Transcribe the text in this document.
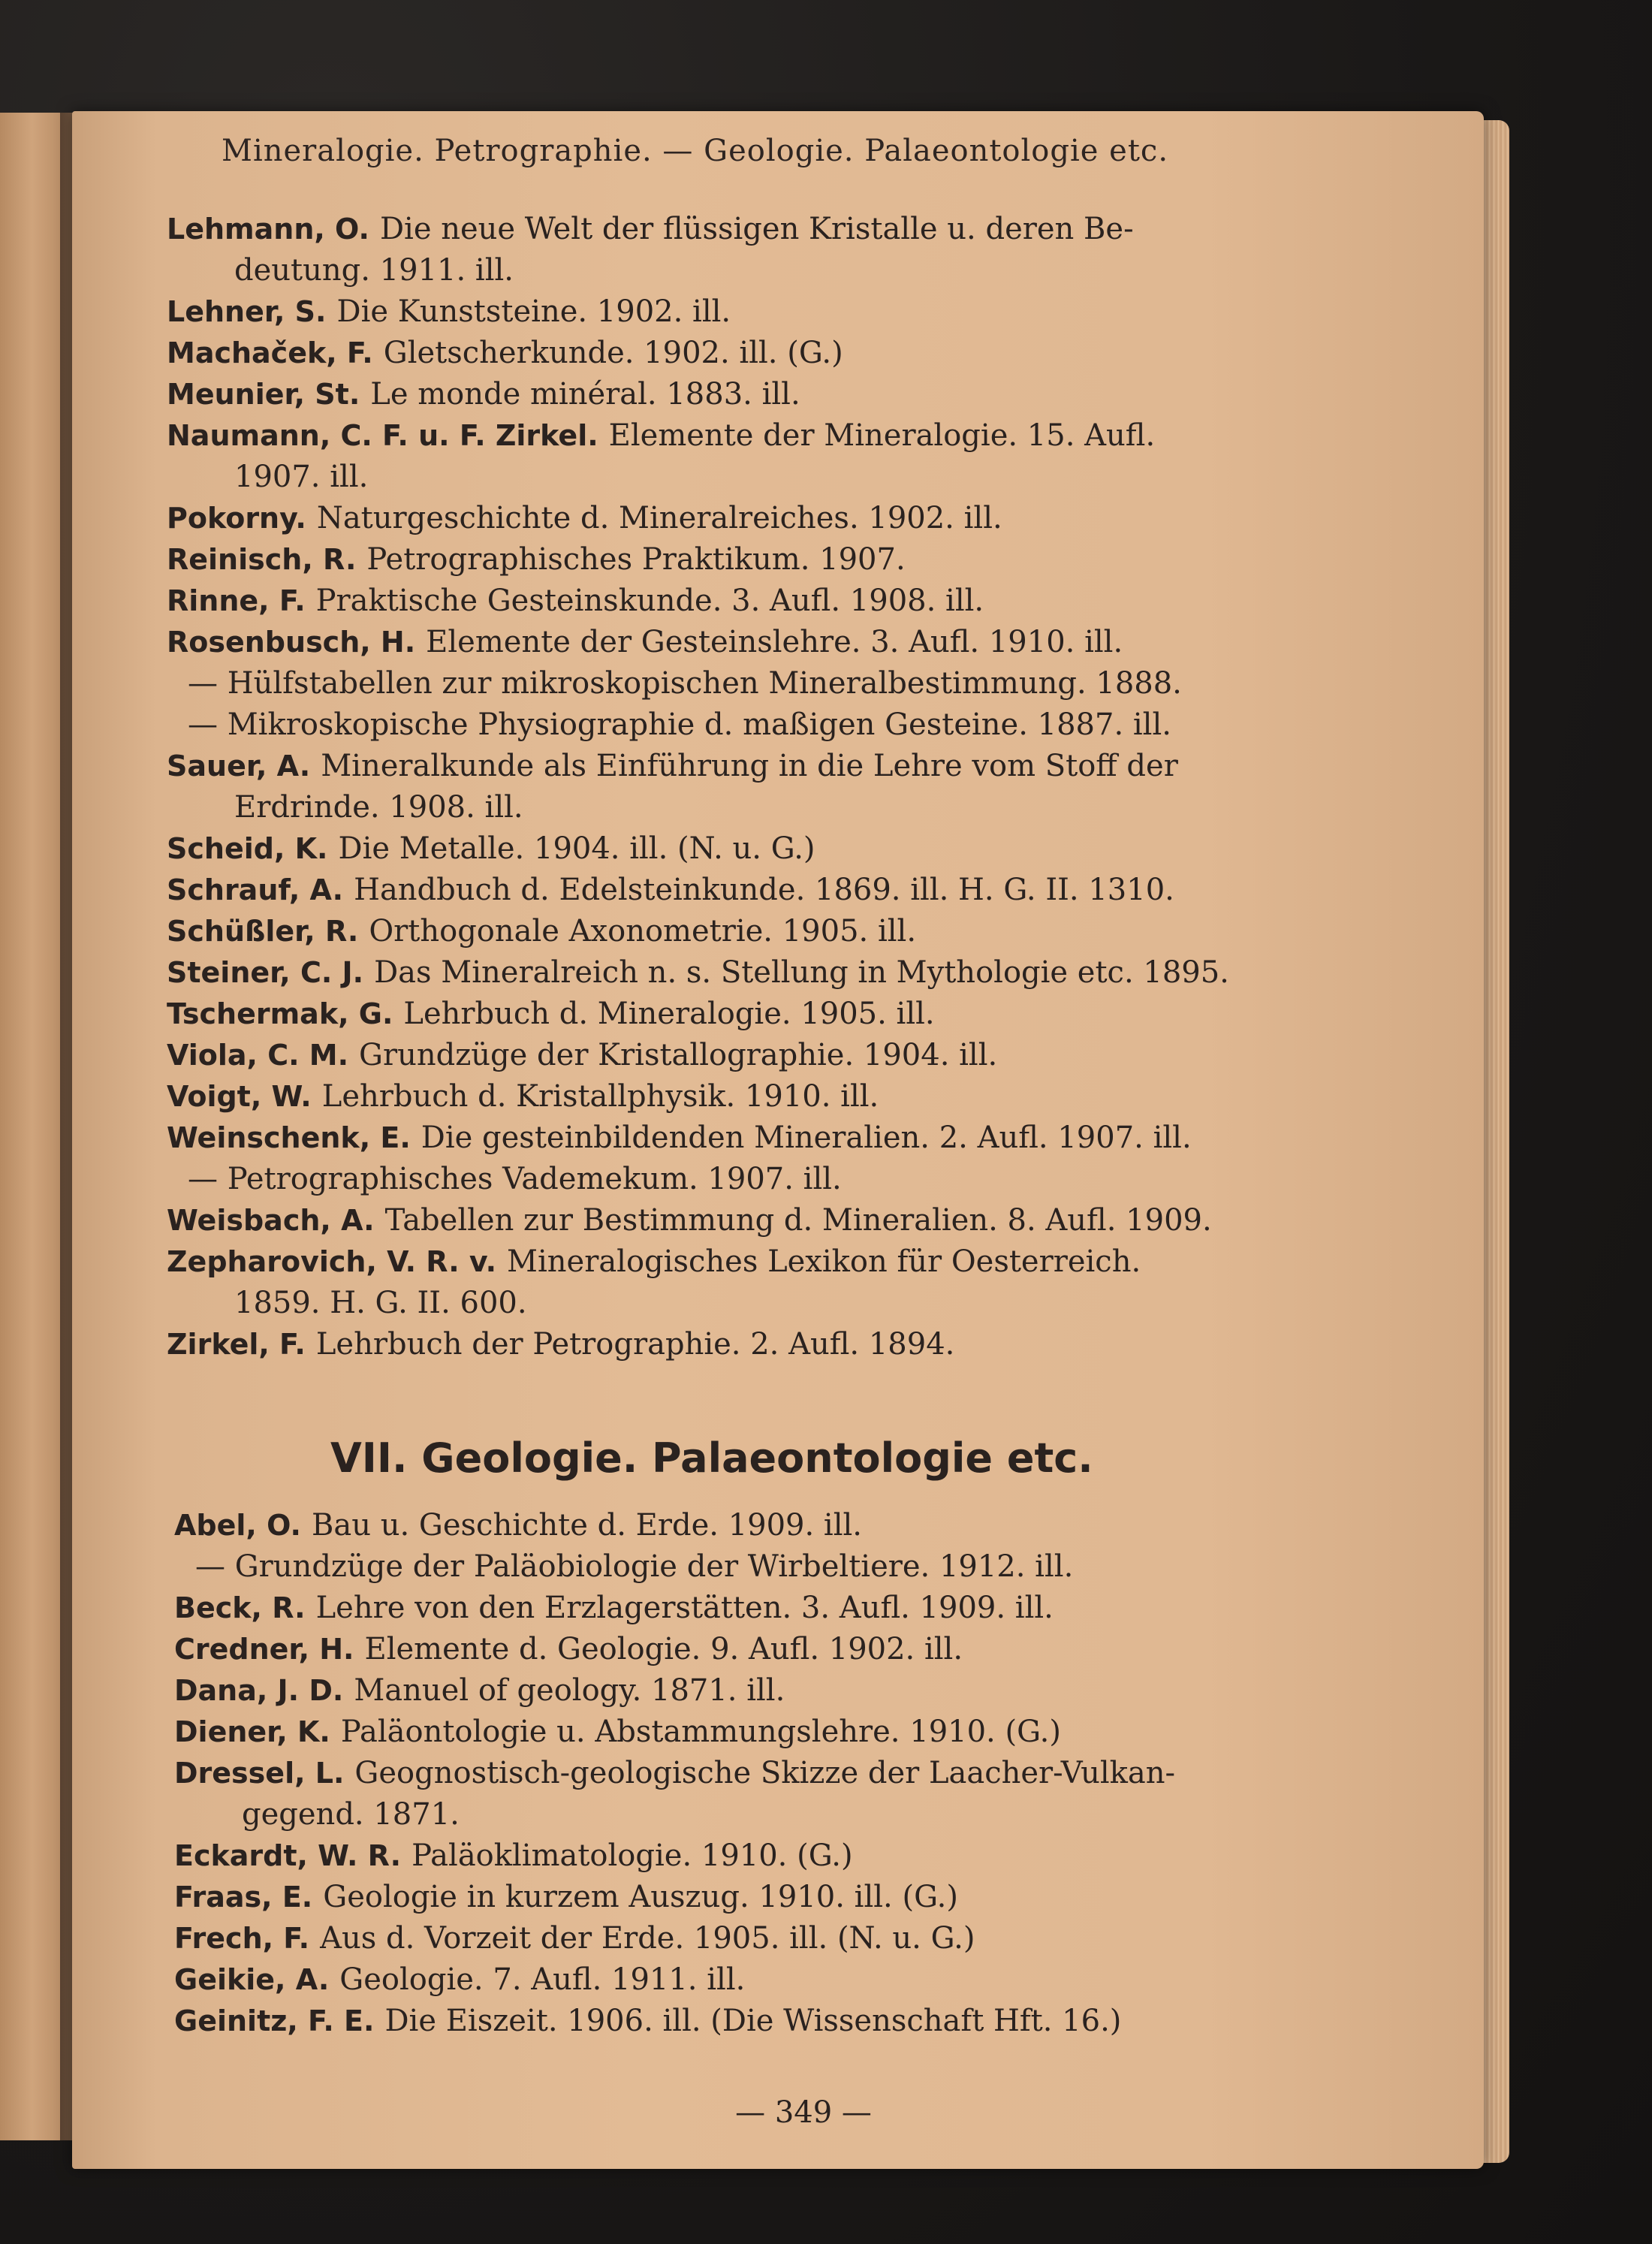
Mineralogie. Petrographie. — Geologie. Palaeontologie etc.
Lehmann, O. Die neue Welt der flüssigen Kristalle u. deren Be-
deutung. 1911. ill.
Lehner, S. Die Kunststeine. 1902. ill.
Machaček, F. Gletscherkunde. 1902. ill. (G.)
Meunier, St. Le monde minéral. 1883. ill.
Naumann, C. F. u. F. Zirkel. Elemente der Mineralogie. 15. Aufl.
1907. ill.
Pokorny. Naturgeschichte d. Mineralreiches. 1902. ill.
Reinisch, R. Petrographisches Praktikum. 1907.
Rinne, F. Praktische Gesteinskunde. 3. Aufl. 1908. ill.
Rosenbusch, H. Elemente der Gesteinslehre. 3. Aufl. 1910. ill.
— Hülfstabellen zur mikroskopischen Mineralbestimmung. 1888.
— Mikroskopische Physiographie d. maßigen Gesteine. 1887. ill.
Sauer, A. Mineralkunde als Einführung in die Lehre vom Stoff der
Erdrinde. 1908. ill.
Scheid, K. Die Metalle. 1904. ill. (N. u. G.)
Schrauf, A. Handbuch d. Edelsteinkunde. 1869. ill. H. G. II. 1310.
Schüßler, R. Orthogonale Axonometrie. 1905. ill.
Steiner, C. J. Das Mineralreich n. s. Stellung in Mythologie etc. 1895.
Tschermak, G. Lehrbuch d. Mineralogie. 1905. ill.
Viola, C. M. Grundzüge der Kristallographie. 1904. ill.
Voigt, W. Lehrbuch d. Kristallphysik. 1910. ill.
Weinschenk, E. Die gesteinbildenden Mineralien. 2. Aufl. 1907. ill.
— Petrographisches Vademekum. 1907. ill.
Weisbach, A. Tabellen zur Bestimmung d. Mineralien. 8. Aufl. 1909.
Zepharovich, V. R. v. Mineralogisches Lexikon für Oesterreich.
1859. H. G. II. 600.
Zirkel, F. Lehrbuch der Petrographie. 2. Aufl. 1894.
VII. Geologie. Palaeontologie etc.
Abel, O. Bau u. Geschichte d. Erde. 1909. ill.
— Grundzüge der Paläobiologie der Wirbeltiere. 1912. ill.
Beck, R. Lehre von den Erzlagerstätten. 3. Aufl. 1909. ill.
Credner, H. Elemente d. Geologie. 9. Aufl. 1902. ill.
Dana, J. D. Manuel of geology. 1871. ill.
Diener, K. Paläontologie u. Abstammungslehre. 1910. (G.)
Dressel, L. Geognostisch-geologische Skizze der Laacher-Vulkan-
gegend. 1871.
Eckardt, W. R. Paläoklimatologie. 1910. (G.)
Fraas, E. Geologie in kurzem Auszug. 1910. ill. (G.)
Frech, F. Aus d. Vorzeit der Erde. 1905. ill. (N. u. G.)
Geikie, A. Geologie. 7. Aufl. 1911. ill.
Geinitz, F. E. Die Eiszeit. 1906. ill. (Die Wissenschaft Hft. 16.)
— 349 —
